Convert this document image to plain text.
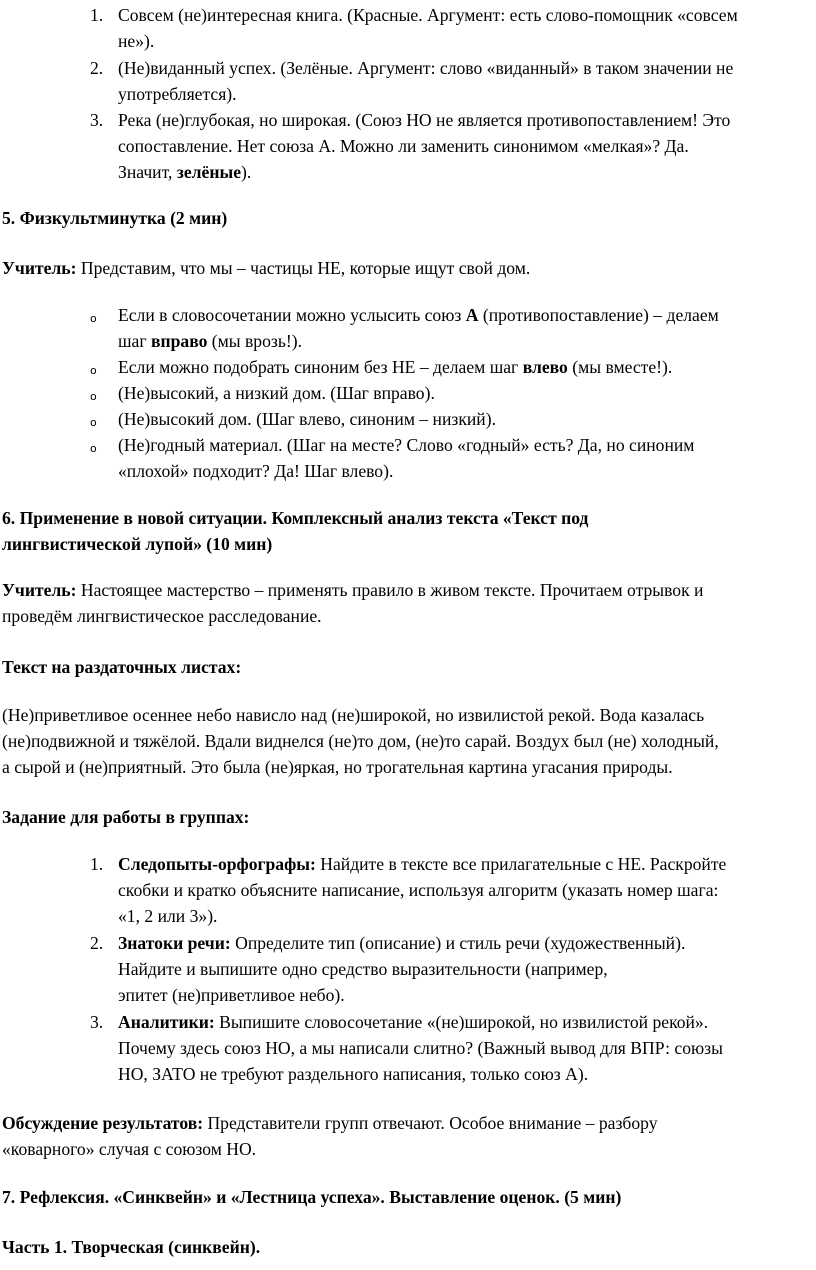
1. Совсем (не)интересная книга. (Красные. Аргумент: есть слово-помощник «совсем
не»).
2. (Не)виданный успех. (Зелёные. Аргумент: слово «виданный» в таком значении не
употребляется).
3. Река (не)глубокая, но широкая. (Союз НО не является противопоставлением! Это
сопоставление. Нет союза А. Можно ли заменить синонимом «мелкая»? Да.
Значит, зелёные).
5. Физкультминутка (2 мин)
Учитель: Представим, что мы – частицы НЕ, которые ищут свой дом.
o Если в словосочетании можно услысить союз А (противопоставление) – делаем
шаг вправо (мы врозь!).
o Если можно подобрать синоним без НЕ – делаем шаг влево (мы вместе!).
o (Не)высокий, а низкий дом. (Шаг вправо).
o (Не)высокий дом. (Шаг влево, синоним – низкий).
o (Не)годный материал. (Шаг на месте? Слово «годный» есть? Да, но синоним
«плохой» подходит? Да! Шаг влево).
6. Применение в новой ситуации. Комплексный анализ текста «Текст под
лингвистической лупой» (10 мин)
Учитель: Настоящее мастерство – применять правило в живом тексте. Прочитаем отрывок и
проведём лингвистическое расследование.
Текст на раздаточных листах:
(Не)приветливое осеннее небо нависло над (не)широкой, но извилистой рекой. Вода казалась
(не)подвижной и тяжёлой. Вдали виднелся (не)то дом, (не)то сарай. Воздух был (не) холодный,
а сырой и (не)приятный. Это была (не)яркая, но трогательная картина угасания природы.
Задание для работы в группах:
1. Следопыты-орфографы: Найдите в тексте все прилагательные с НЕ. Раскройте
скобки и кратко объясните написание, используя алгоритм (указать номер шага:
«1, 2 или 3»).
2. Знатоки речи: Определите тип (описание) и стиль речи (художественный).
Найдите и выпишите одно средство выразительности (например,
эпитет (не)приветливое небо).
3. Аналитики: Выпишите словосочетание «(не)широкой, но извилистой рекой».
Почему здесь союз НО, а мы написали слитно? (Важный вывод для ВПР: союзы
НО, ЗАТО не требуют раздельного написания, только союз А).
Обсуждение результатов: Представители групп отвечают. Особое внимание – разбору
«коварного» случая с союзом НО.
7. Рефлексия. «Синквейн» и «Лестница успеха». Выставление оценок. (5 мин)
Часть 1. Творческая (синквейн).
